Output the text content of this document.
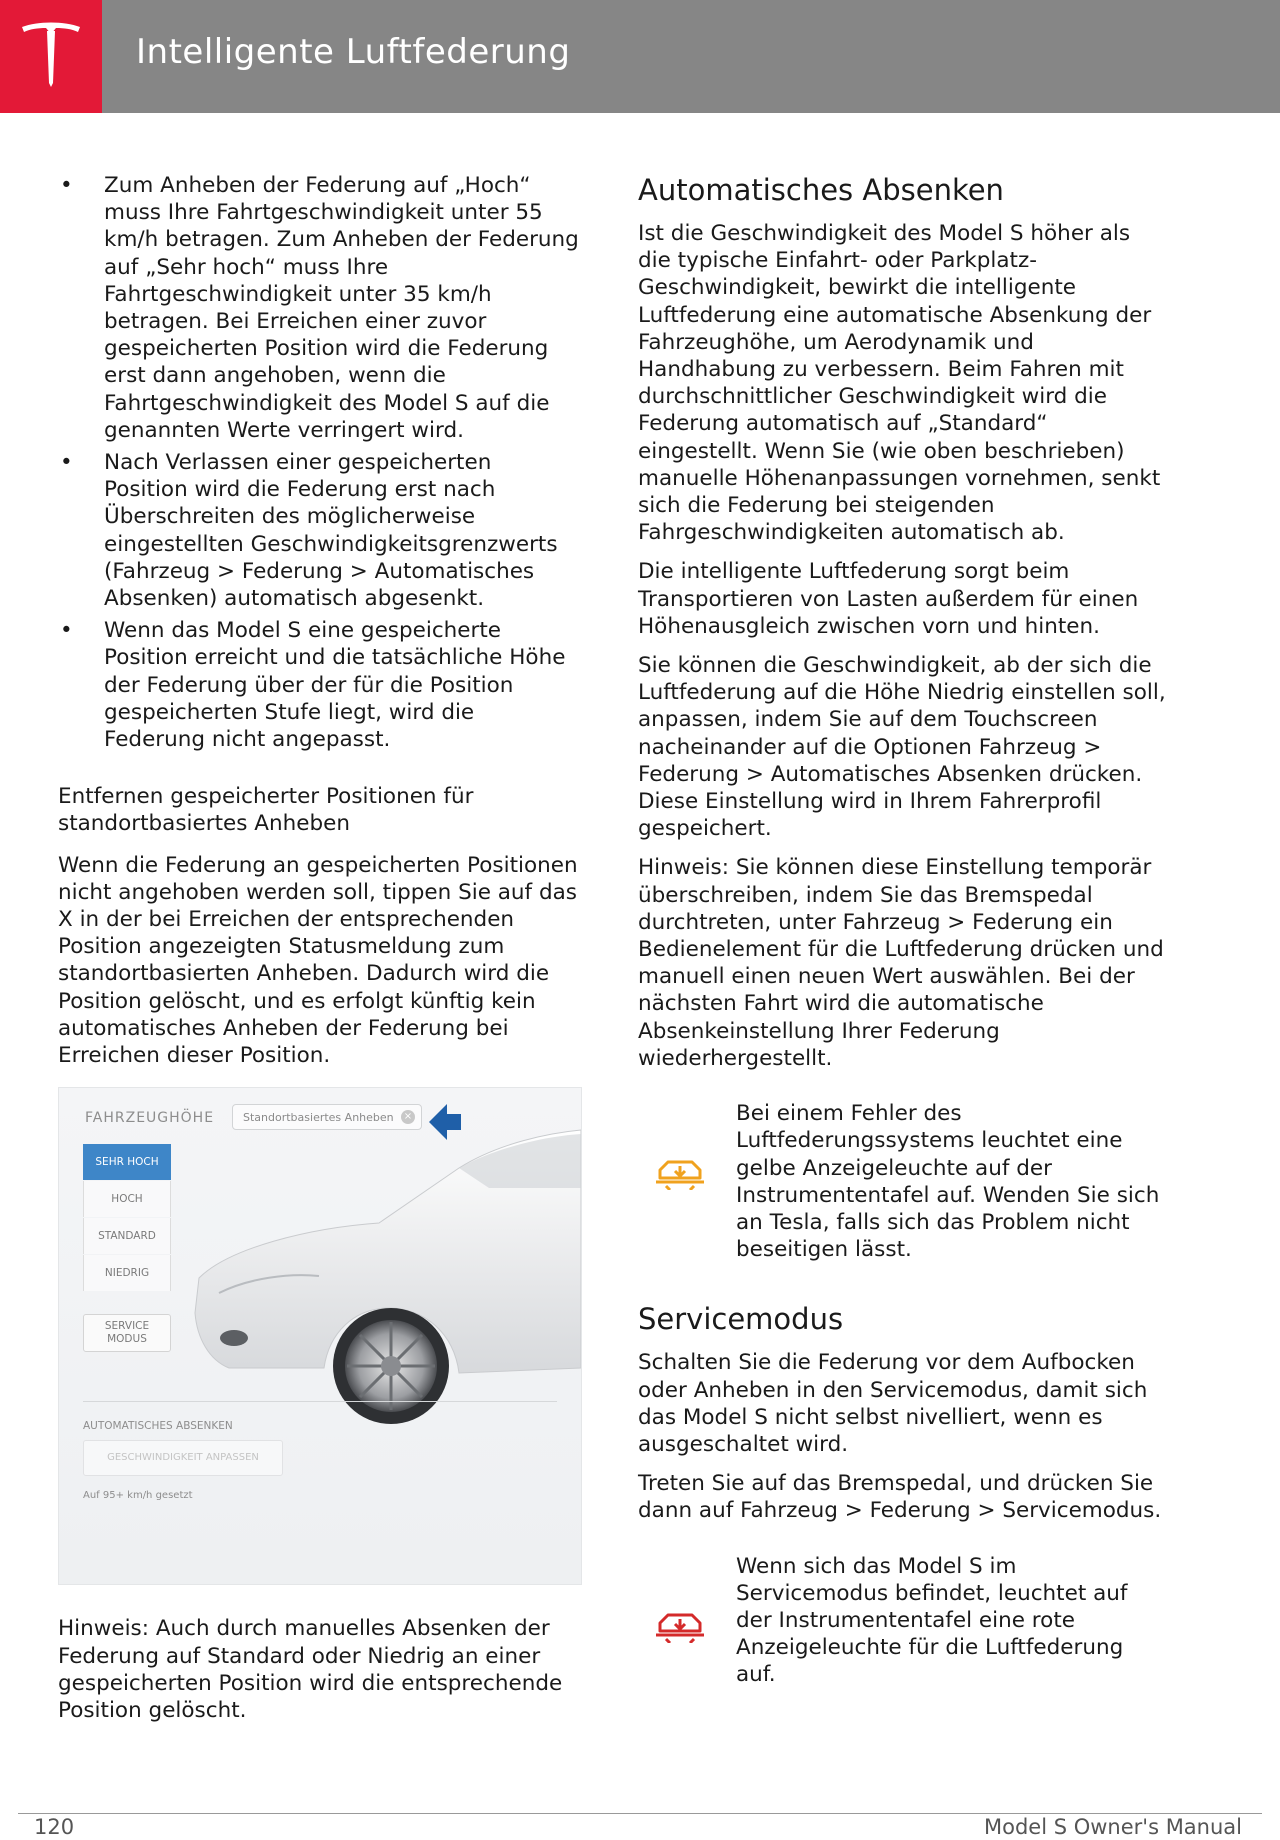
Intelligente Luftfederung
• Zum Anheben der Federung auf „Hoch“ muss Ihre Fahrtgeschwindigkeit unter 55 km/h betragen. Zum Anheben der Federung auf „Sehr hoch“ muss Ihre Fahrtgeschwindigkeit unter 35 km/h betragen. Bei Erreichen einer zuvor gespeicherten Position wird die Federung erst dann angehoben, wenn die Fahrtgeschwindigkeit des Model S auf die genannten Werte verringert wird.
• Nach Verlassen einer gespeicherten Position wird die Federung erst nach Überschreiten des möglicherweise eingestellten Geschwindigkeitsgrenzwerts (Fahrzeug > Federung > Automatisches Absenken) automatisch abgesenkt.
• Wenn das Model S eine gespeicherte Position erreicht und die tatsächliche Höhe der Federung über der für die Position gespeicherten Stufe liegt, wird die Federung nicht angepasst.

Entfernen gespeicherter Positionen für standortbasiertes Anheben

Wenn die Federung an gespeicherten Positionen nicht angehoben werden soll, tippen Sie auf das X in der bei Erreichen der entsprechenden Position angezeigten Statusmeldung zum standortbasierten Anheben. Dadurch wird die Position gelöscht, und es erfolgt künftig kein automatisches Anheben der Federung bei Erreichen dieser Position.

FAHRZEUGHÖHE	Standortbasiertes Anheben ×
SEHR HOCH
HOCH
STANDARD
NIEDRIG
SERVICE
MODUS
AUTOMATISCHES ABSENKEN
GESCHWINDIGKEIT ANPASSEN
Auf 95+ km/h gesetzt

Hinweis: Auch durch manuelles Absenken der Federung auf Standard oder Niedrig an einer gespeicherten Position wird die entsprechende Position gelöscht.

Automatisches Absenken

Ist die Geschwindigkeit des Model S höher als die typische Einfahrt- oder Parkplatz-Geschwindigkeit, bewirkt die intelligente Luftfederung eine automatische Absenkung der Fahrzeughöhe, um Aerodynamik und Handhabung zu verbessern. Beim Fahren mit durchschnittlicher Geschwindigkeit wird die Federung automatisch auf „Standard“ eingestellt. Wenn Sie (wie oben beschrieben) manuelle Höhenanpassungen vornehmen, senkt sich die Federung bei steigenden Fahrgeschwindigkeiten automatisch ab.

Die intelligente Luftfederung sorgt beim Transportieren von Lasten außerdem für einen Höhenausgleich zwischen vorn und hinten.

Sie können die Geschwindigkeit, ab der sich die Luftfederung auf die Höhe Niedrig einstellen soll, anpassen, indem Sie auf dem Touchscreen nacheinander auf die Optionen Fahrzeug > Federung > Automatisches Absenken drücken. Diese Einstellung wird in Ihrem Fahrerprofil gespeichert.

Hinweis: Sie können diese Einstellung temporär überschreiben, indem Sie das Bremspedal durchtreten, unter Fahrzeug > Federung ein Bedienelement für die Luftfederung drücken und manuell einen neuen Wert auswählen. Bei der nächsten Fahrt wird die automatische Absenkeinstellung Ihrer Federung wiederhergestellt.

Bei einem Fehler des Luftfederungssystems leuchtet eine gelbe Anzeigeleuchte auf der Instrumententafel auf. Wenden Sie sich an Tesla, falls sich das Problem nicht beseitigen lässt.

Servicemodus

Schalten Sie die Federung vor dem Aufbocken oder Anheben in den Servicemodus, damit sich das Model S nicht selbst nivelliert, wenn es ausgeschaltet wird.

Treten Sie auf das Bremspedal, und drücken Sie dann auf Fahrzeug > Federung > Servicemodus.

Wenn sich das Model S im Servicemodus befindet, leuchtet auf der Instrumententafel eine rote Anzeigeleuchte für die Luftfederung auf.

120	Model S Owner's Manual
